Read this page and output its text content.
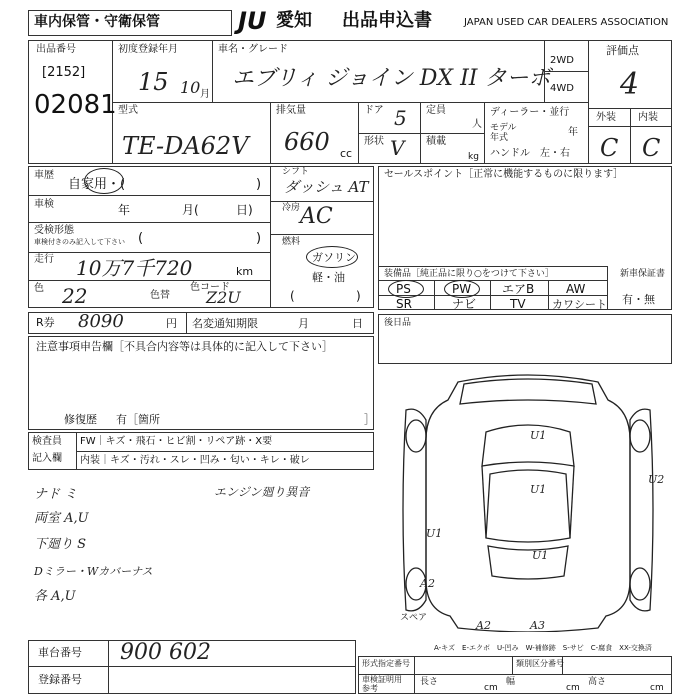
車内保管・守衛保管	JU 愛知 出品申込書	JAPAN USED CAR DEALERS ASSOCIATION
出品番号
[2152]
02081
初度登録年月
15 10 月
車名・グレード
エブリィ ジョイン DX II ターボ
2WD
4WD
評価点
4
外装 内装
C C
型式
TE-DA62V
排気量
660 cc
ドア 5
形状 V
定員
人
積載
kg
ディーラー・並行
モデル
年式	年
ハンドル　左・右
車歴
自家用・(	)
車検	年	月(	日)
受検形態
車検付きのみ記入して下さい (	)
走行 10万7千720	km
色 22	色替
色コード
Z2U
シフト
ダッシュ AT
冷房 AC
燃料
ガソリン
軽・油
(	)
セールスポイント［正常に機能するものに限ります］
装備品［純正品に限り○をつけて下さい］
PS	PW	エアB	AW
SR	ナビ	TV カワシート
新車保証書
有・無
R券 8090	円 名変通知期限	月	日
注意事項申告欄［不具合内容等は具体的に記入して下さい］
修復歴 有［箇所	］
後日品
検査員
記入欄
FW｜キズ・飛石・ヒビ割・リペア跡・X要
内装｜キズ・汚れ・スレ・凹み・匂い・キレ・破レ
ナド ミ
両室 A,U
下廻り S
Dミラー・Wカバーナス
各 A,U
エンジン廻り異音
U1
U1
U1
U1
U2
A2
A2	A3
スペア
A-キズ　E-エクボ　U-凹み　W-補修跡　S-サビ　C-腐食　XX-交換済
車台番号 900 602
登録番号
形式指定番号	類別区分番号
車検証明用
参考
長さ
cm
幅
cm
高さ
cm
